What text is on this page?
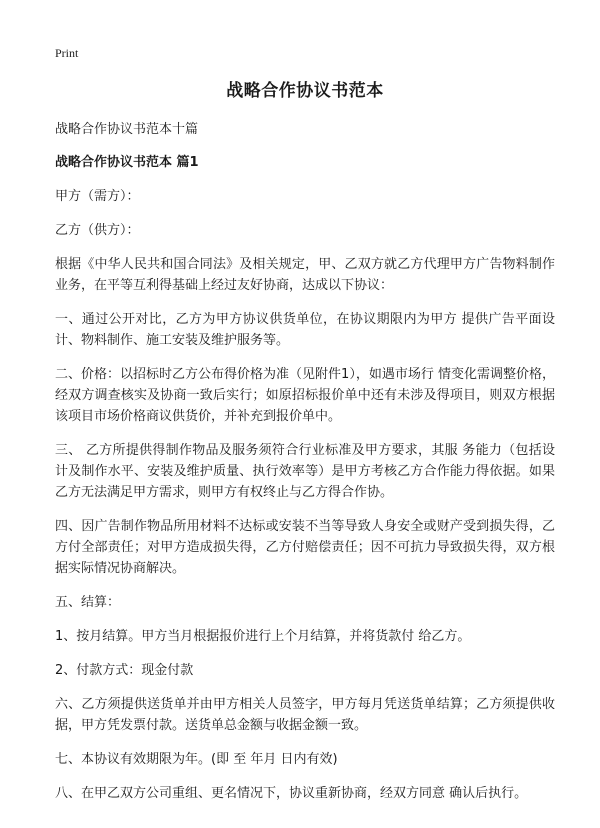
Print
战略合作协议书范本
战略合作协议书范本十篇
战略合作协议书范本 篇1

甲方（需方）：

乙方（供方）：

根据《中华人民共和国合同法》及相关规定，甲、乙双方就乙方代理甲方广告物料制作业务，在平等互利得基础上经过友好协商，达成以下协议：

一、通过公开对比，乙方为甲方协议供货单位，在协议期限内为甲方 提供广告平面设计、物料制作、施工安装及维护服务等。

二、价格：以招标时乙方公布得价格为准（见附件1），如遇市场行 情变化需调整价格，经双方调查核实及协商一致后实行；如原招标报价单中还有未涉及得项目，则双方根据该项目市场价格商议供货价，并补充到报价单中。

三、 乙方所提供得制作物品及服务须符合行业标准及甲方要求，其服 务能力（包括设计及制作水平、安装及维护质量、执行效率等）是甲方考核乙方合作能力得依据。如果乙方无法满足甲方需求，则甲方有权终止与乙方得合作协。

四、因广告制作物品所用材料不达标或安装不当等导致人身安全或财产受到损失得，乙方付全部责任；对甲方造成损失得，乙方付赔偿责任；因不可抗力导致损失得，双方根据实际情况协商解决。

五、结算：

1、按月结算。甲方当月根据报价进行上个月结算，并将货款付 给乙方。

2、付款方式：现金付款

六、乙方须提供送货单并由甲方相关人员签字，甲方每月凭送货单结算；乙方须提供收据，甲方凭发票付款。送货单总金额与收据金额一致。

七、本协议有效期限为年。(即 至 年月 日内有效)

八、在甲乙双方公司重组、更名情况下，协议重新协商，经双方同意 确认后执行。
